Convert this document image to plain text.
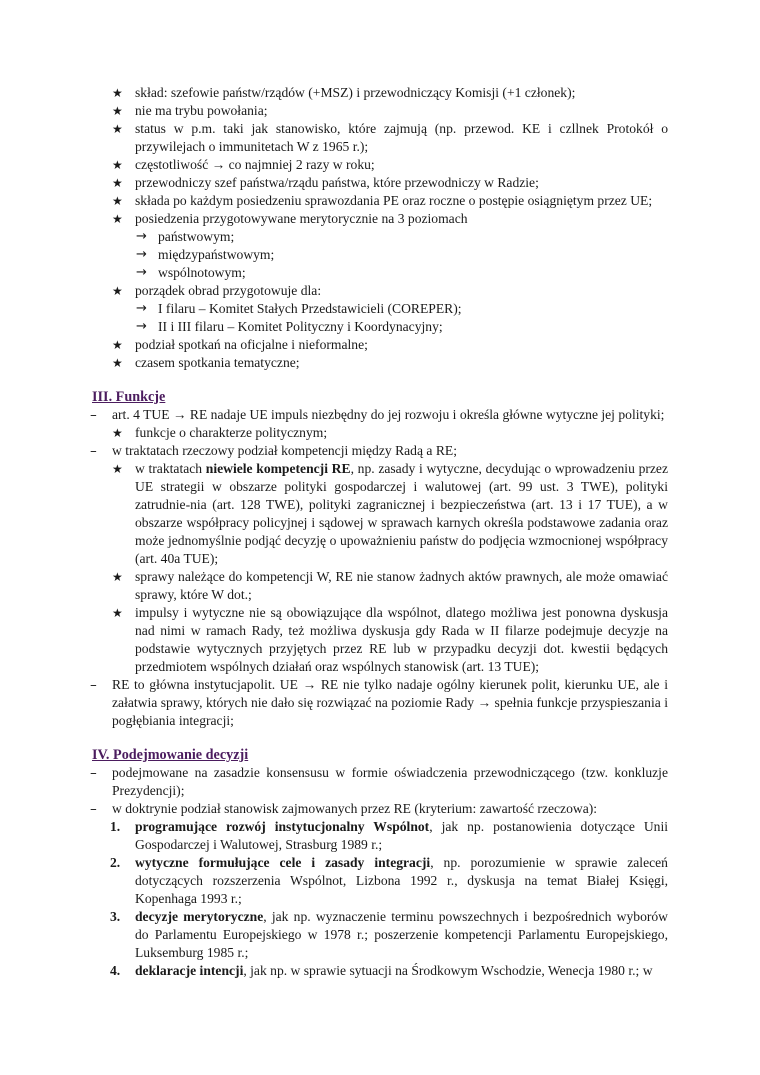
★ skład: szefowie państw/rządów (+MSZ) i przewodniczący Komisji (+1 członek);
★ nie ma trybu powołania;
★ status w p.m. taki jak stanowisko, które zajmują (np. przewod. KE i czllnek Protokół o przywilejach o immunitetach W z 1965 r.);
★ częstotliwość → co najmniej 2 razy w roku;
★ przewodniczy szef państwa/rządu państwa, które przewodniczy w Radzie;
★ składa po każdym posiedzeniu sprawozdania PE oraz roczne o postępie osiągniętym przez UE;
★ posiedzenia przygotowywane merytorycznie na 3 poziomach
→ państwowym;
→ międzypaństwowym;
→ wspólnotowym;
★ porządek obrad przygotowuje dla:
→ I filaru – Komitet Stałych Przedstawicieli (COREPER);
→ II i III filaru – Komitet Polityczny i Koordynacyjny;
★ podział spotkań na oficjalne i nieformalne;
★ czasem spotkania tematyczne;
III. Funkcje
– art. 4 TUE → RE nadaje UE impuls niezbędny do jej rozwoju i określa główne wytyczne jej polityki;
★ funkcje o charakterze politycznym;
– w traktatach rzeczowy podział kompetencji między Radą a RE;
★ w traktatach niewiele kompetencji RE, np. zasady i wytyczne, decydując o wprowadzeniu przez UE strategii w obszarze polityki gospodarczej i walutowej (art. 99 ust. 3 TWE), polityki zatrudnie-nia (art. 128 TWE), polityki zagranicznej i bezpieczeństwa (art. 13 i 17 TUE), a w obszarze współpracy policyjnej i sądowej w sprawach karnych określa podstawowe zadania oraz może jednomyślnie podjąć decyzję o upoważnieniu państw do podjęcia wzmocnionej współpracy (art. 40a TUE);
★ sprawy należące do kompetencji W, RE nie stanow żadnych aktów prawnych, ale może omawiać sprawy, które W dot.;
★ impulsy i wytyczne nie są obowiązujące dla wspólnot, dlatego możliwa jest ponowna dyskusja nad nimi w ramach Rady, też możliwa dyskusja gdy Rada w II filarze podejmuje decyzje na podstawie wytycznych przyjętych przez RE lub w przypadku decyzji dot. kwestii będących przedmiotem wspólnych działań oraz wspólnych stanowisk (art. 13 TUE);
– RE to główna instytucjapolit. UE → RE nie tylko nadaje ogólny kierunek polit, kierunku UE, ale i załatwia sprawy, których nie dało się rozwiązać na poziomie Rady → spełnia funkcje przyspieszania i pogłębiania integracji;
IV. Podejmowanie decyzji
– podejmowane na zasadzie konsensusu w formie oświadczenia przewodniczącego (tzw. konkluzje Prezydencji);
– w doktrynie podział stanowisk zajmowanych przez RE (kryterium: zawartość rzeczowa):
1. programujące rozwój instytucjonalny Wspólnot, jak np. postanowienia dotyczące Unii Gospodarczej i Walutowej, Strasburg 1989 r.;
2. wytyczne formułujące cele i zasady integracji, np. porozumienie w sprawie zaleceń dotyczących rozszerzenia Wspólnot, Lizbona 1992 r., dyskusja na temat Białej Księgi, Kopenhaga 1993 r.;
3. decyzje merytoryczne, jak np. wyznaczenie terminu powszechnych i bezpośrednich wyborów do Parlamentu Europejskiego w 1978 r.; poszerzenie kompetencji Parlamentu Europejskiego, Luksemburg 1985 r.;
4. deklaracje intencji, jak np. w sprawie sytuacji na Środkowym Wschodzie, Wenecja 1980 r.; w
